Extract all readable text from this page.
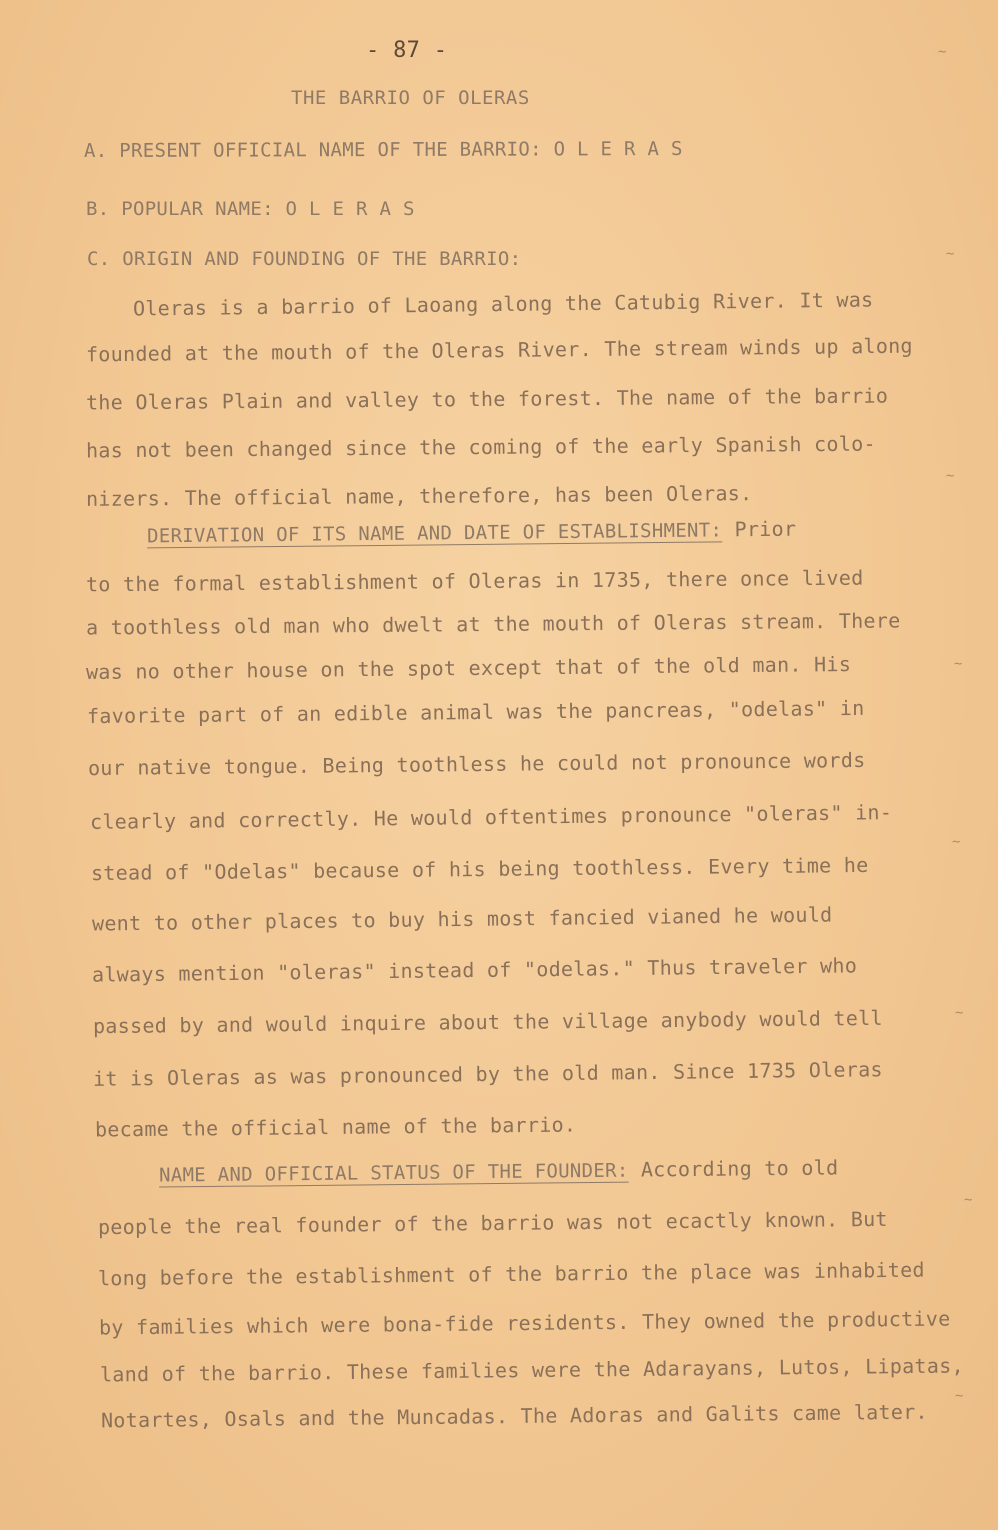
- 87 -
THE BARRIO OF OLERAS
A. PRESENT OFFICIAL NAME OF THE BARRIO: O L E R A S
B. POPULAR NAME: O L E R A S
C. ORIGIN AND FOUNDING OF THE BARRIO:
Oleras is a barrio of Laoang along the Catubig River. It was
founded at the mouth of the Oleras River. The stream winds up along
the Oleras Plain and valley to the forest. The name of the barrio
has not been changed since the coming of the early Spanish colo-
nizers. The official name, therefore, has been Oleras.
DERIVATION OF ITS NAME AND DATE OF ESTABLISHMENT: Prior
to the formal establishment of Oleras in 1735, there once lived
a toothless old man who dwelt at the mouth of Oleras stream. There
was no other house on the spot except that of the old man. His
favorite part of an edible animal was the pancreas, "odelas" in
our native tongue. Being toothless he could not pronounce words
clearly and correctly. He would oftentimes pronounce "oleras" in-
stead of "Odelas" because of his being toothless. Every time he
went to other places to buy his most fancied vianed he would
always mention "oleras" instead of "odelas." Thus traveler who
passed by and would inquire about the village anybody would tell
it is Oleras as was pronounced by the old man. Since 1735 Oleras
became the official name of the barrio.
NAME AND OFFICIAL STATUS OF THE FOUNDER: According to old
people the real founder of the barrio was not ecactly known. But
long before the establishment of the barrio the place was inhabited
by families which were bona-fide residents. They owned the productive
land of the barrio. These families were the Adarayans, Lutos, Lipatas,
Notartes, Osals and the Muncadas. The Adoras and Galits came later.
∼
∼
∼
∼
∼
∼
∼
∼
